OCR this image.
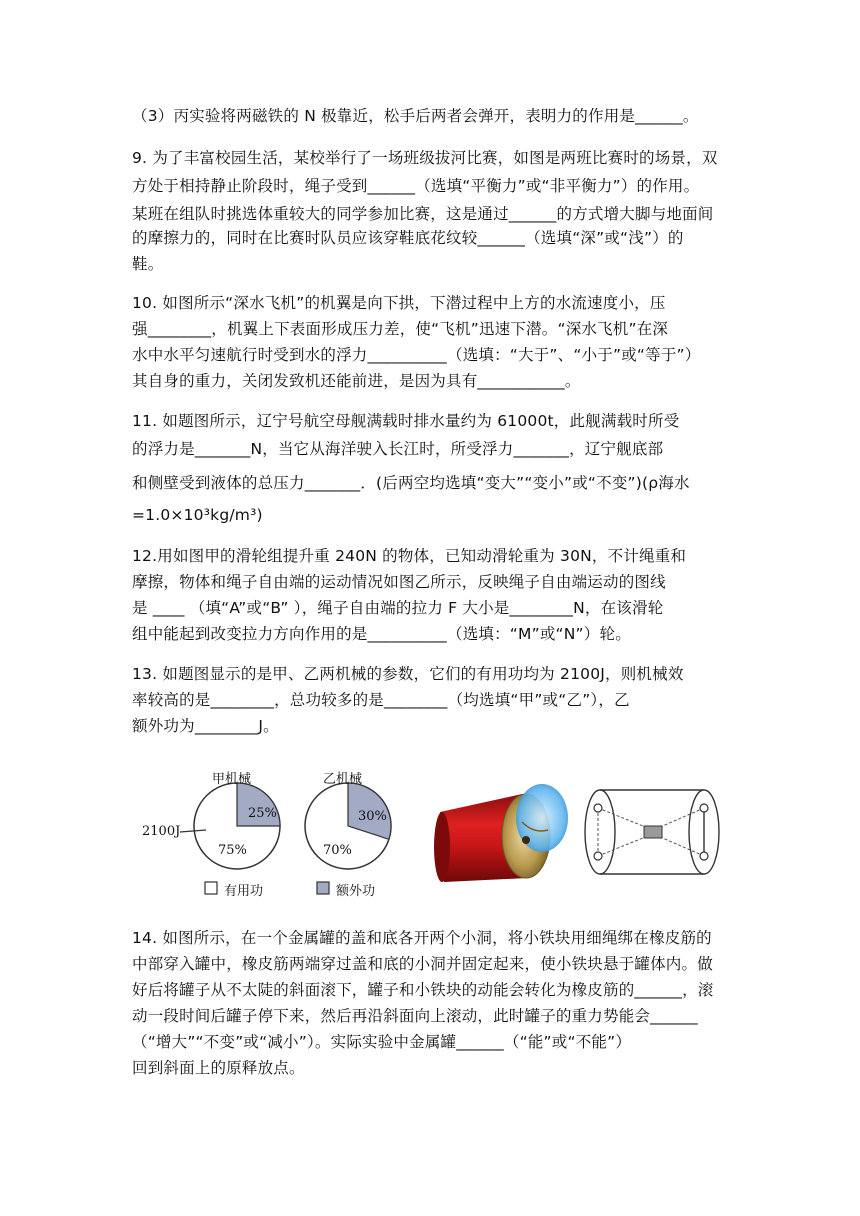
（3）丙实验将两磁铁的 N 极靠近，松手后两者会弹开，表明力的作用是______。
9. 为了丰富校园生活，某校举行了一场班级拔河比赛，如图是两班比赛时的场景，双
方处于相持静止阶段时，绳子受到______（选填“平衡力”或“非平衡力”）的作用。
某班在组队时挑选体重较大的同学参加比赛，这是通过______的方式增大脚与地面间
的摩擦力的，同时在比赛时队员应该穿鞋底花纹较______（选填“深”或“浅”）的
鞋。
10. 如图所示“深水飞机”的机翼是向下拱，下潜过程中上方的水流速度小，压
强________，机翼上下表面形成压力差，使“飞机”迅速下潜。“深水飞机”在深
水中水平匀速航行时受到水的浮力__________（选填：“大于”、“小于”或“等于”）
其自身的重力，关闭发致机还能前进，是因为具有___________。
11. 如题图所示，辽宁号航空母舰满载时排水量约为 61000t，此舰满载时所受
的浮力是_______N，当它从海洋驶入长江时，所受浮力_______，辽宁舰底部
和侧壁受到液体的总压力_______．(后两空均选填“变大”“变小”或“不变”)(ρ海水
=1.0×10³kg/m³)
12.用如图甲的滑轮组提升重 240N 的物体，已知动滑轮重为 30N，不计绳重和
摩擦，物体和绳子自由端的运动情况如图乙所示，反映绳子自由端运动的图线
是 ____ （填“A”或“B” ），绳子自由端的拉力 F 大小是________N，在该滑轮
组中能起到改变拉力方向作用的是__________（选填：“M”或“N”）轮。
13. 如题图显示的是甲、乙两机械的参数，它们的有用功均为 2100J，则机械效
率较高的是________，总功较多的是________（均选填“甲”或“乙”），乙
额外功为________J。
甲机械	乙机械
25%
75%
30%
70%
2100J
有用功	额外功
14. 如图所示，在一个金属罐的盖和底各开两个小洞，将小铁块用细绳绑在橡皮筋的
中部穿入罐中，橡皮筋两端穿过盖和底的小洞并固定起来，使小铁块悬于罐体内。做
好后将罐子从不太陡的斜面滚下，罐子和小铁块的动能会转化为橡皮筋的______，滚
动一段时间后罐子停下来，然后再沿斜面向上滚动，此时罐子的重力势能会______
（“增大”“不变”或“减小”）。实际实验中金属罐______（“能”或“不能”）
回到斜面上的原释放点。
